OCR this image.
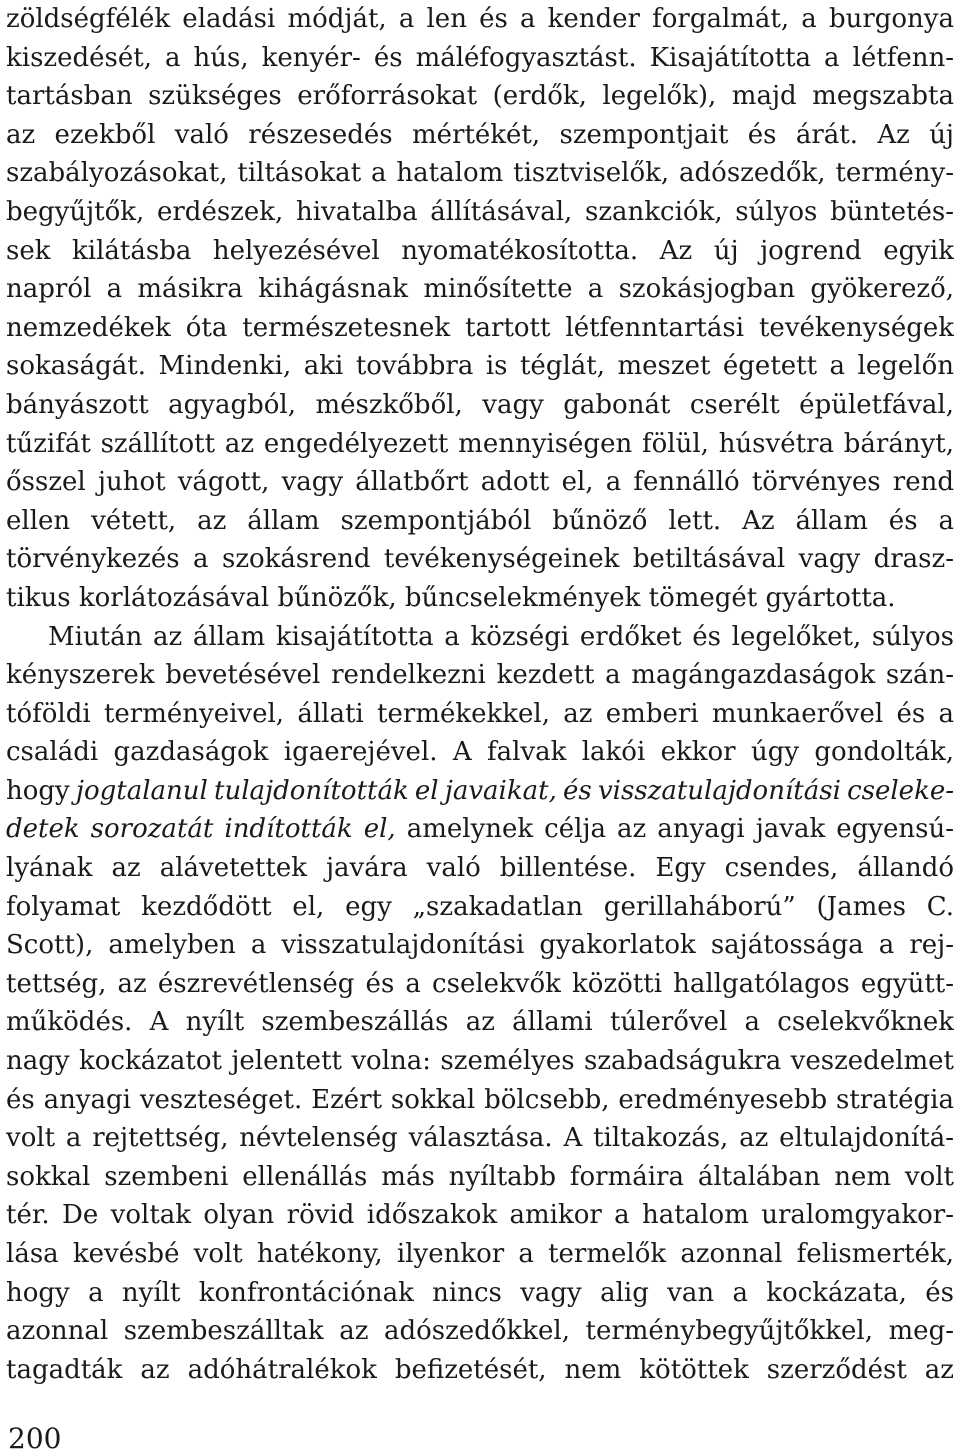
zöldségfélék eladási módját, a len és a kender forgalmát, a burgonya
kiszedését, a hús, kenyér- és máléfogyasztást. Kisajátította a létfenn-
tartásban szükséges erőforrásokat (erdők, legelők), majd megszabta
az ezekből való részesedés mértékét, szempontjait és árát. Az új
szabályozásokat, tiltásokat a hatalom tisztviselők, adószedők, termény-
begyűjtők, erdészek, hivatalba állításával, szankciók, súlyos büntetés-
sek kilátásba helyezésével nyomatékosította. Az új jogrend egyik
napról a másikra kihágásnak minősítette a szokásjogban gyökerező,
nemzedékek óta természetesnek tartott létfenntartási tevékenységek
sokaságát. Mindenki, aki továbbra is téglát, meszet égetett a legelőn
bányászott agyagból, mészkőből, vagy gabonát cserélt épületfával,
tűzifát szállított az engedélyezett mennyiségen fölül, húsvétra bárányt,
ősszel juhot vágott, vagy állatbőrt adott el, a fennálló törvényes rend
ellen vétett, az állam szempontjából bűnöző lett. Az állam és a
törvénykezés a szokásrend tevékenységeinek betiltásával vagy drasz-
tikus korlátozásával bűnözők, bűncselekmények tömegét gyártotta.
Miután az állam kisajátította a községi erdőket és legelőket, súlyos
kényszerek bevetésével rendelkezni kezdett a magángazdaságok szán-
tóföldi terményeivel, állati termékekkel, az emberi munkaerővel és a
családi gazdaságok igaerejével. A falvak lakói ekkor úgy gondolták,
hogy jogtalanul tulajdonították el javaikat, és visszatulajdonítási cseleke-
detek sorozatát indították el, amelynek célja az anyagi javak egyensú-
lyának az alávetettek javára való billentése. Egy csendes, állandó
folyamat kezdődött el, egy „szakadatlan gerillaháború” (James C.
Scott), amelyben a visszatulajdonítási gyakorlatok sajátossága a rej-
tettség, az észrevétlenség és a cselekvők közötti hallgatólagos együtt-
működés. A nyílt szembeszállás az állami túlerővel a cselekvőknek
nagy kockázatot jelentett volna: személyes szabadságukra veszedelmet
és anyagi veszteséget. Ezért sokkal bölcsebb, eredményesebb stratégia
volt a rejtettség, névtelenség választása. A tiltakozás, az eltulajdonítá-
sokkal szembeni ellenállás más nyíltabb formáira általában nem volt
tér. De voltak olyan rövid időszakok amikor a hatalom uralomgyakor-
lása kevésbé volt hatékony, ilyenkor a termelők azonnal felismerték,
hogy a nyílt konfrontációnak nincs vagy alig van a kockázata, és
azonnal szembeszálltak az adószedőkkel, terménybegyűjtőkkel, meg-
tagadták az adóhátralékok befizetését, nem kötöttek szerződést az
200
